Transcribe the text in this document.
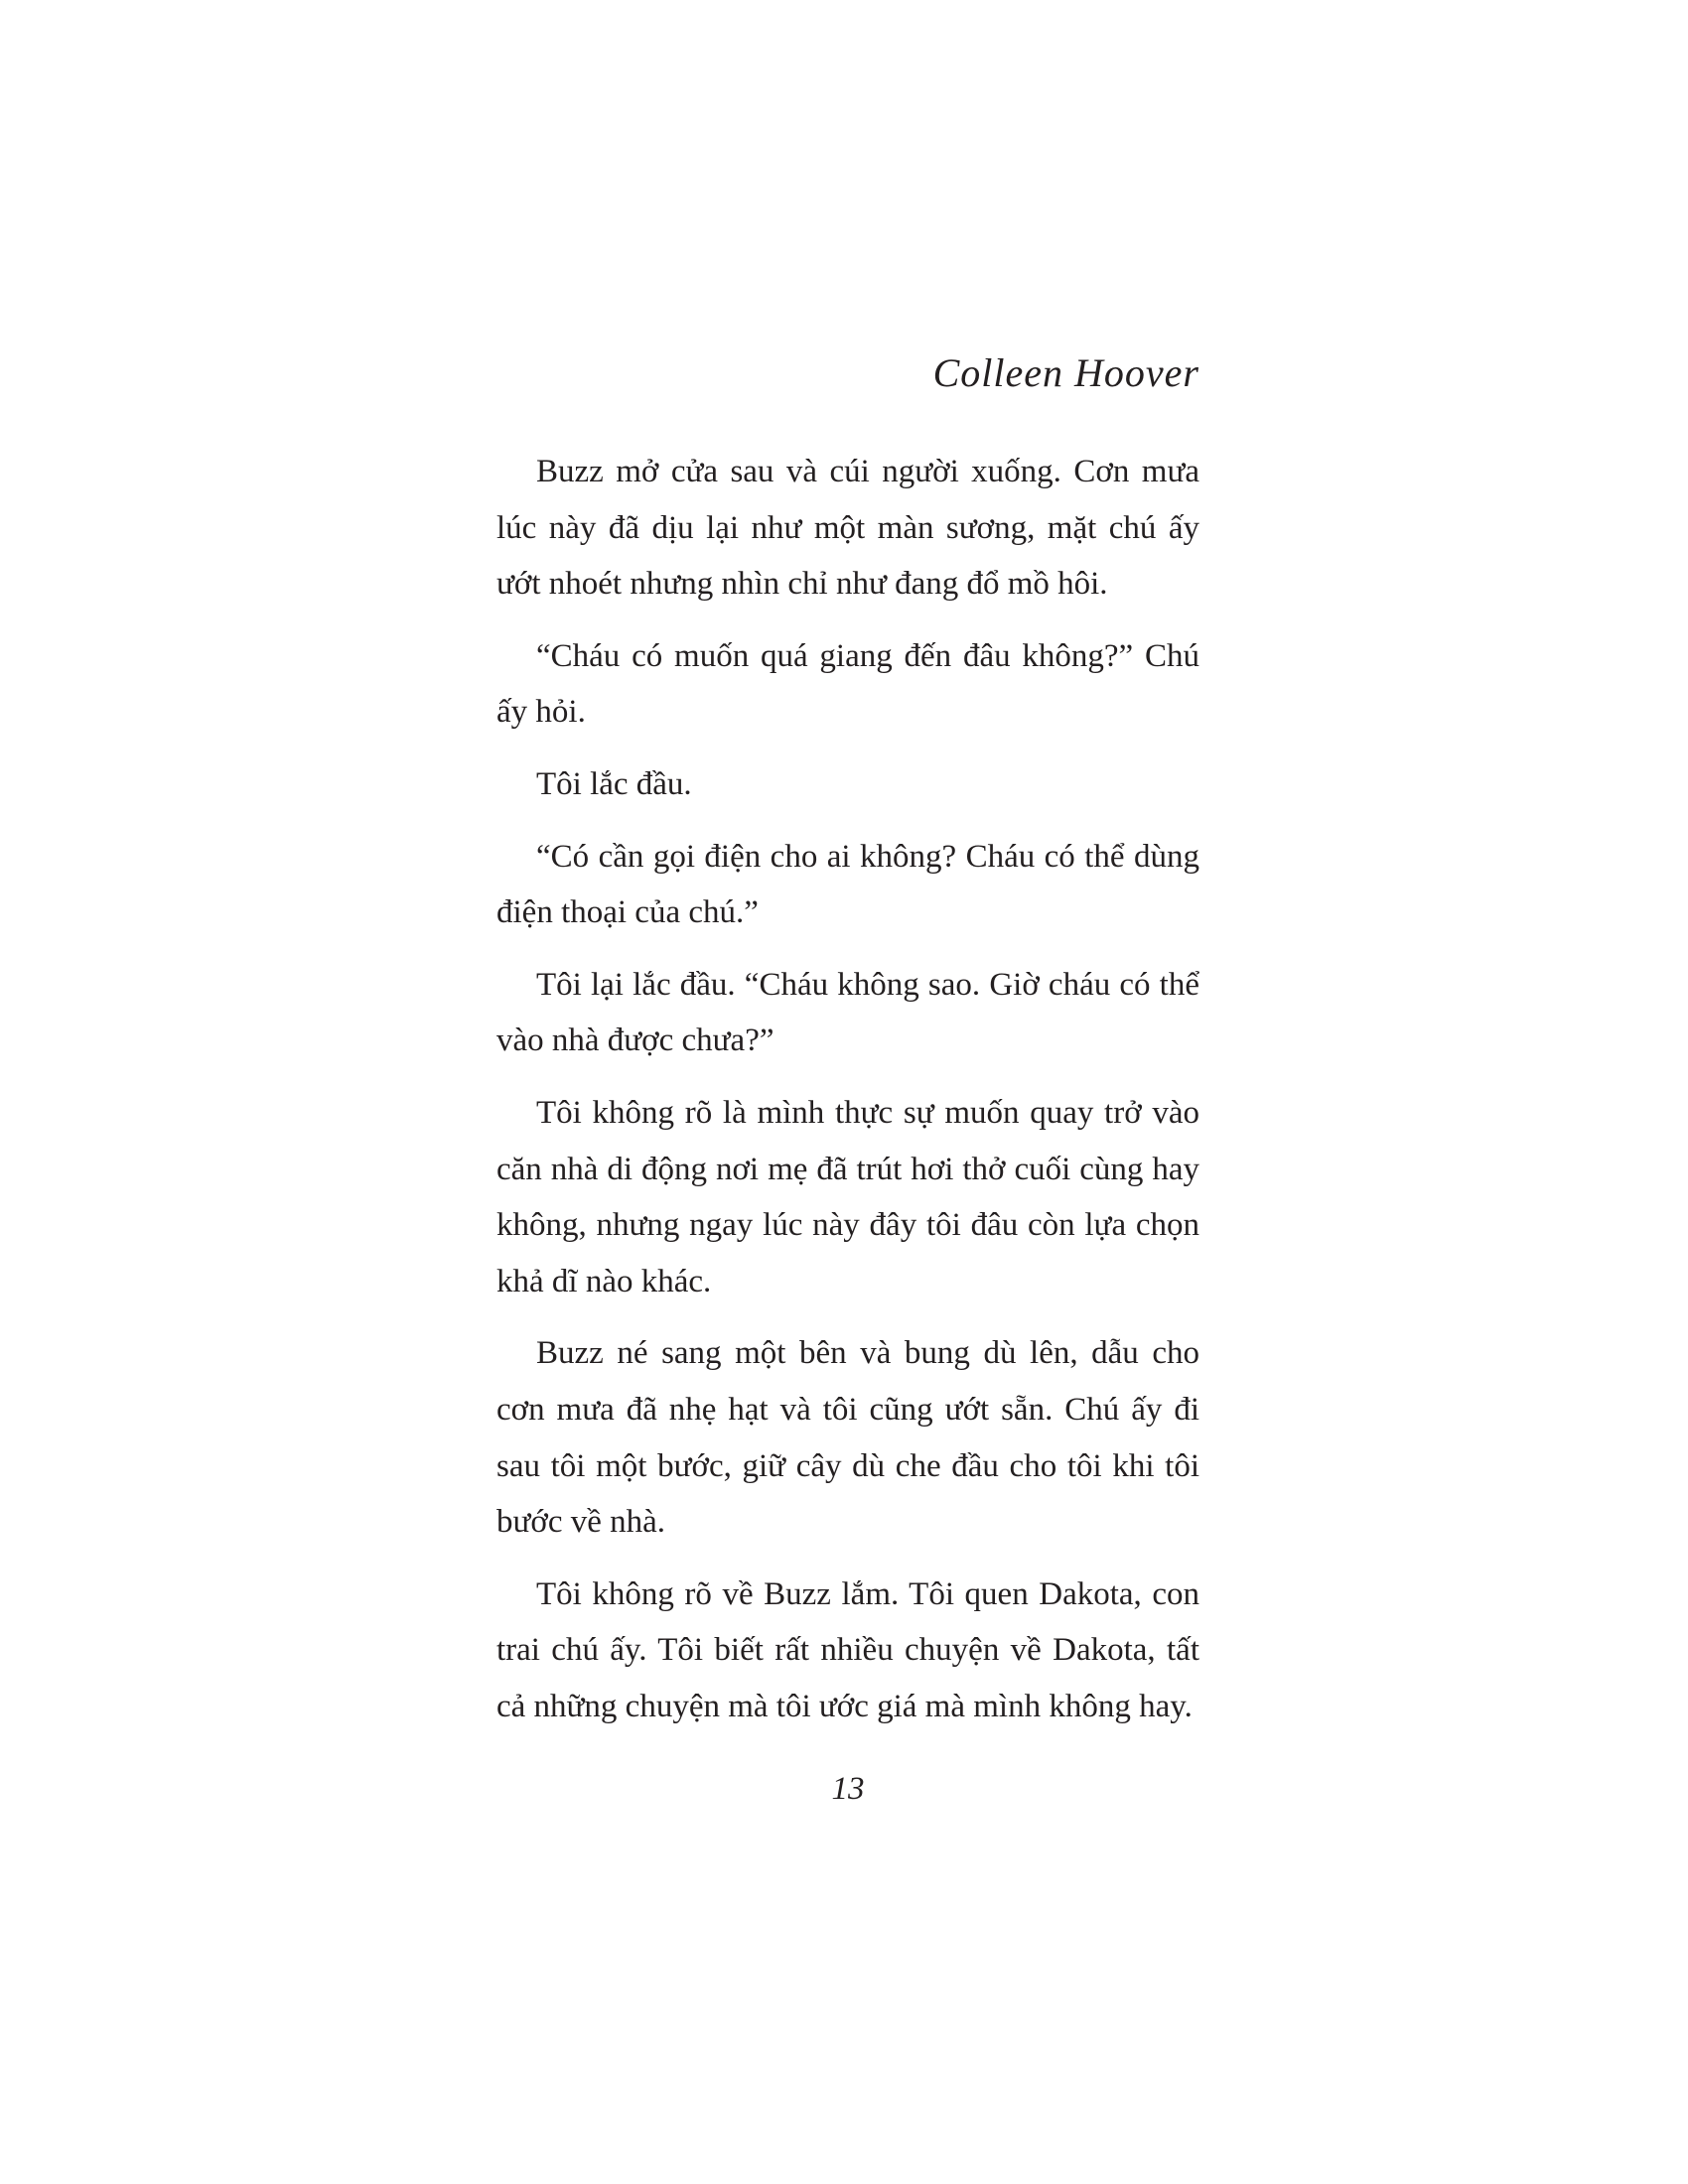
Colleen Hoover

Buzz mở cửa sau và cúi người xuống. Cơn mưa lúc này đã dịu lại như một màn sương, mặt chú ấy ướt nhoét nhưng nhìn chỉ như đang đổ mồ hôi.

“Cháu có muốn quá giang đến đâu không?” Chú ấy hỏi.

Tôi lắc đầu.

“Có cần gọi điện cho ai không? Cháu có thể dùng điện thoại của chú.”

Tôi lại lắc đầu. “Cháu không sao. Giờ cháu có thể vào nhà được chưa?”

Tôi không rõ là mình thực sự muốn quay trở vào căn nhà di động nơi mẹ đã trút hơi thở cuối cùng hay không, nhưng ngay lúc này đây tôi đâu còn lựa chọn khả dĩ nào khác.

Buzz né sang một bên và bung dù lên, dẫu cho cơn mưa đã nhẹ hạt và tôi cũng ướt sẵn. Chú ấy đi sau tôi một bước, giữ cây dù che đầu cho tôi khi tôi bước về nhà.

Tôi không rõ về Buzz lắm. Tôi quen Dakota, con trai chú ấy. Tôi biết rất nhiều chuyện về Dakota, tất cả những chuyện mà tôi ước giá mà mình không hay.

13
